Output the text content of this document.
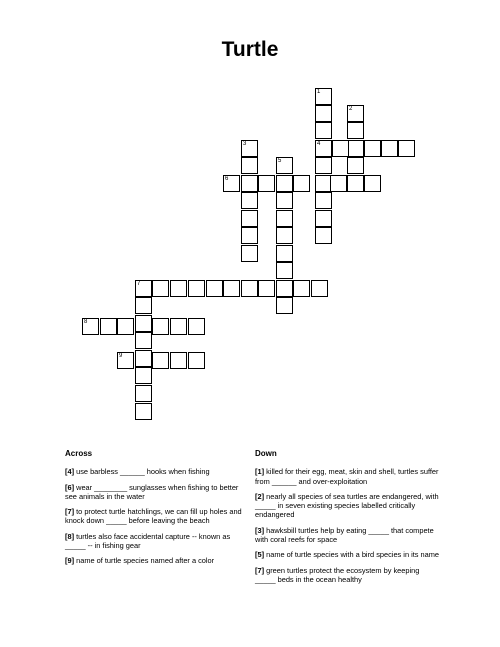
Turtle
1
4
2
3
5
6
7
8
9
Across
[4] use barbless ______ hooks when fishing
[6] wear ________ sunglasses when fishing to better see animals in the water
[7] to protect turtle hatchlings, we can fill up holes and knock down _____ before leaving the beach
[8] turtles also face accidental capture -- known as _____ -- in fishing gear
[9] name of turtle species named after a color
Down
[1] killed for their egg, meat, skin and shell, turtles suffer from ______ and over-exploitation
[2] nearly all species of sea turtles are endangered, with _____ in seven existing species labelled critically endangered
[3] hawksbill turtles help by eating _____ that compete with coral reefs for space
[5] name of turtle species with a bird species in its name
[7] green turtles protect the ecosystem by keeping _____ beds in the ocean healthy
